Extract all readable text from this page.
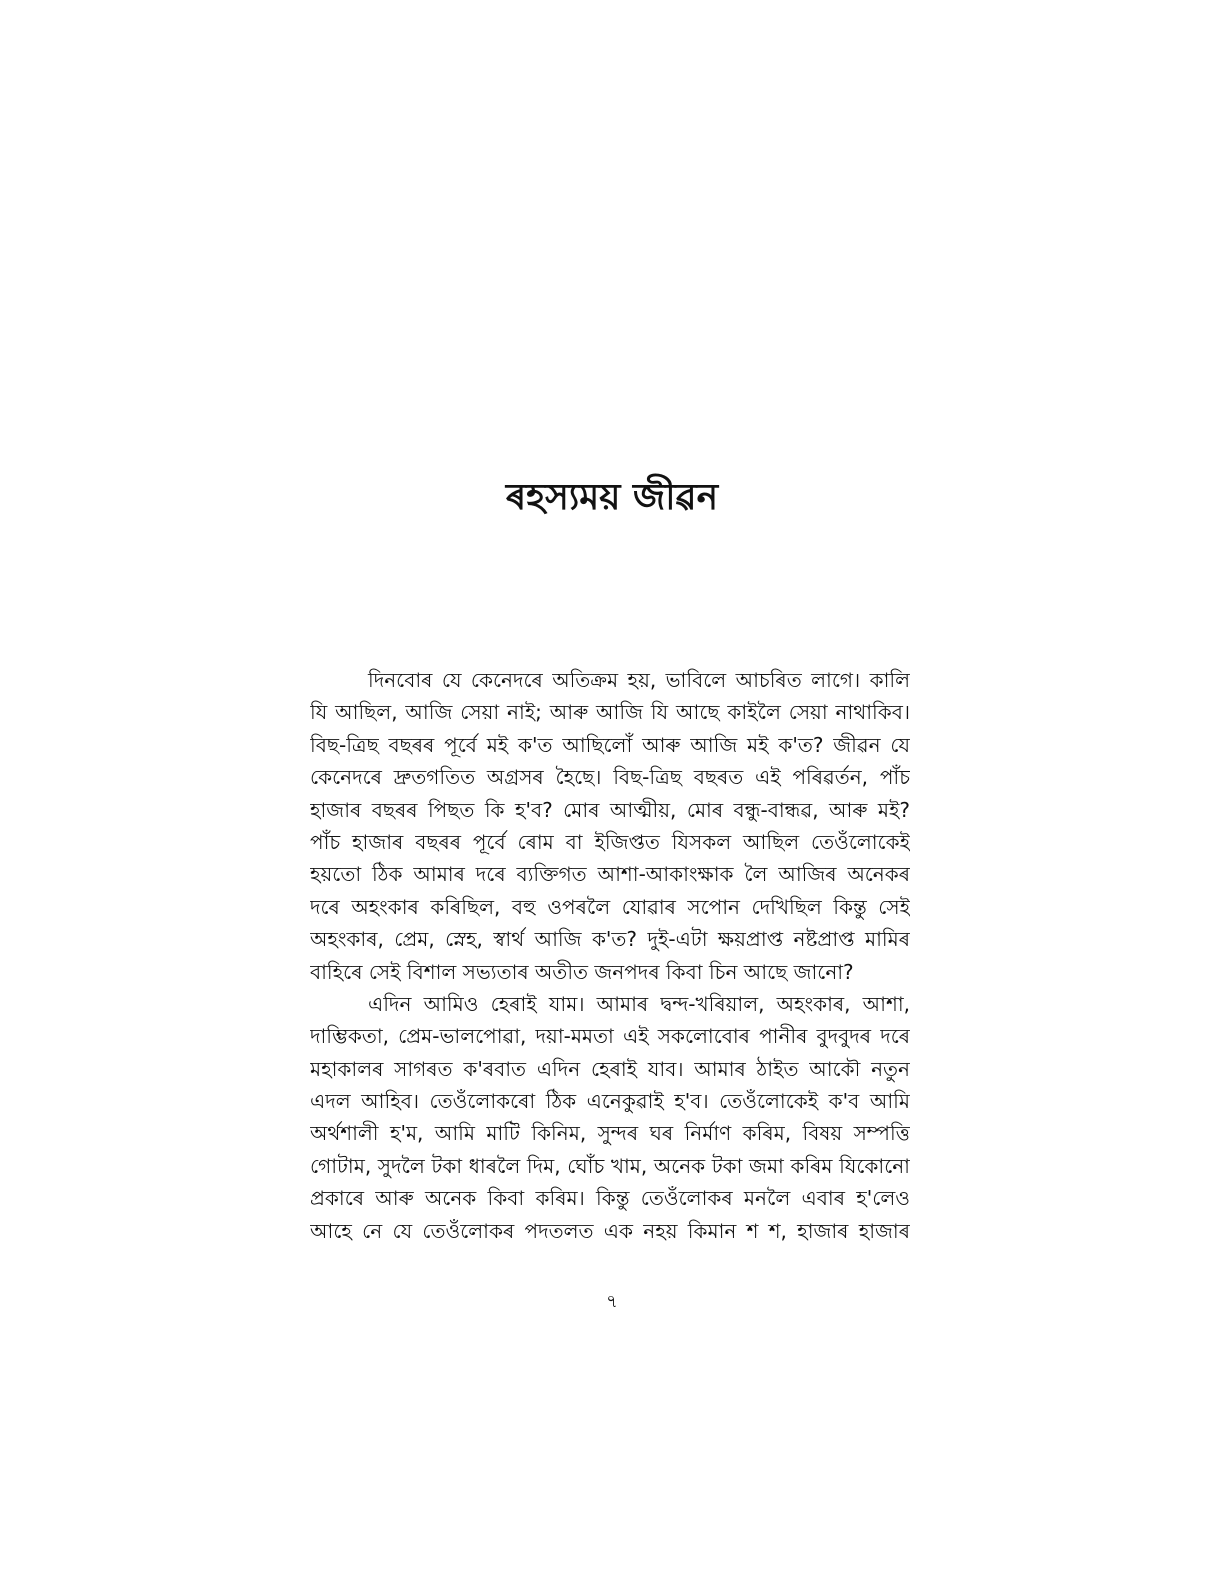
ৰহস্যময় জীৱন

দিনবোৰ যে কেনেদৰে অতিক্ৰম হয়, ভাবিলে আচৰিত লাগে। কালি
যি আছিল, আজি সেয়া নাই; আৰু আজি যি আছে কাইলৈ সেয়া নাথাকিব।
বিছ-ত্ৰিছ বছৰৰ পূৰ্বে মই ক'ত আছিলোঁ আৰু আজি মই ক'ত? জীৱন যে
কেনেদৰে দ্ৰুতগতিত অগ্ৰসৰ হৈছে। বিছ-ত্ৰিছ বছৰত এই পৰিৱৰ্তন, পাঁচ
হাজাৰ বছৰৰ পিছত কি হ'ব? মোৰ আত্মীয়, মোৰ বন্ধু-বান্ধৱ, আৰু মই?
পাঁচ হাজাৰ বছৰৰ পূৰ্বে ৰোম বা ইজিপ্তত যিসকল আছিল তেওঁলোকেই
হয়তো ঠিক আমাৰ দৰে ব্যক্তিগত আশা-আকাংক্ষাক লৈ আজিৰ অনেকৰ
দৰে অহংকাৰ কৰিছিল, বহু ওপৰলৈ যোৱাৰ সপোন দেখিছিল কিন্তু সেই
অহংকাৰ, প্ৰেম, স্নেহ, স্বাৰ্থ আজি ক'ত? দুই-এটা ক্ষয়প্ৰাপ্ত নষ্টপ্ৰাপ্ত মামিৰ
বাহিৰে সেই বিশাল সভ্যতাৰ অতীত জনপদৰ কিবা চিন আছে জানো?

এদিন আমিও হেৰাই যাম। আমাৰ দ্বন্দ-খৰিয়াল, অহংকাৰ, আশা,
দাম্ভিকতা, প্ৰেম-ভালপোৱা, দয়া-মমতা এই সকলোবোৰ পানীৰ বুদবুদৰ দৰে
মহাকালৰ সাগৰত ক'ৰবাত এদিন হেৰাই যাব। আমাৰ ঠাইত আকৌ নতুন
এদল আহিব। তেওঁলোকৰো ঠিক এনেকুৱাই হ'ব। তেওঁলোকেই ক'ব আমি
অৰ্থশালী হ'ম, আমি মাটি কিনিম, সুন্দৰ ঘৰ নিৰ্মাণ কৰিম, বিষয় সম্পত্তি
গোটাম, সুদলৈ টকা ধাৰলৈ দিম, ঘোঁচ খাম, অনেক টকা জমা কৰিম যিকোনো
প্ৰকাৰে আৰু অনেক কিবা কৰিম। কিন্তু তেওঁলোকৰ মনলৈ এবাৰ হ'লেও
আহে নে যে তেওঁলোকৰ পদতলত এক নহয় কিমান শ শ, হাজাৰ হাজাৰ

৭
